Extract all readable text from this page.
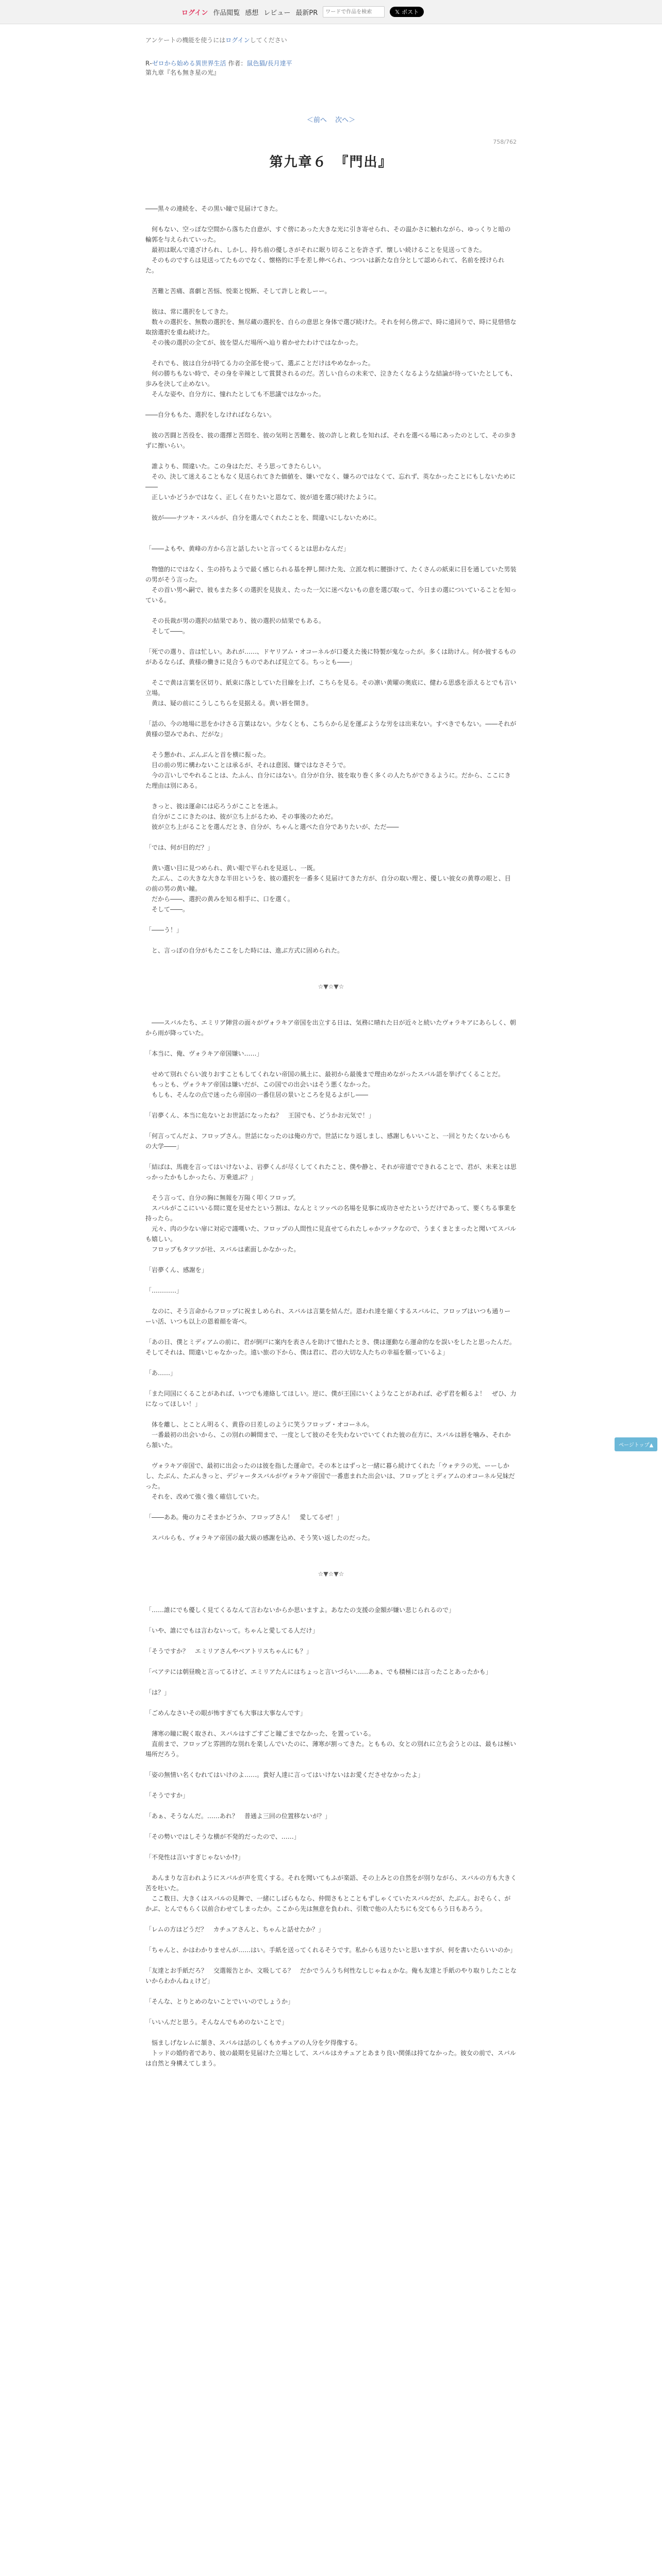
ログイン 作品閲覧 感想 レビュー 最新PR
ワードで作品を検索	𝕏 ポスト
アンケートの機能を使うにはログインしてください
R‐ゼロから始める異世界生活 作者：鼠色猫/長月達平
第九章『名も無き星の光』
＜前へ 次へ＞
758/762
第九章６　『門出』

――黒々の連続を、その黒い瞳で見届けてきた。

　何もない、空っぽな空間から落ちた自意が、すぐ傍にあった大きな光に引き寄せられ、その温かさに触れながら、ゆっくりと暗の輪郭を与えられていった。
　最初は眠んで遠ざけられ、しかし、持ち前の優しさがそれに眠り切ることを許さず、懐しい続けることを見送ってきた。
　そのものですらは見送ってたものでなく、懐格的に手を差し伸べられ、つついは新たな自分として認められて、名前を授けられた。

　苦難と苦痛、喜劇と苦悩、悦楽と悦断、そして許しと救しーー。

　彼は、常に選択をしてきた。
　数々の選択を、無数の選択を、無尽蔵の選択を、自らの意思と身体で選び続けた。それを何ら傍ぶで、時に遠回りで、時に見惜惜な取捨選択を重ね続けた。
　その後の選択の全てが、彼を望んだ場所へ辿り着かせたわけではなかった。

　それでも、彼は自分が持てる力の全部を使って、選ぶことだけはやめなかった。
　何の勝ちもない時で、その身を辛辣として賞賛されるのだ。苦しい自らの未来で、泣きたくなるような結論が待っていたとしても、歩みを決して止めない。
　そんな姿や、自分方に、憧れたとしても不思議ではなかった。

――自分ももた、選択をしなければならない。

　彼の苦闘と苦役を、彼の選擇と苦悶を、彼の気明と苦難を、彼の許しと救しを知れば、それを選べる場にあったのとして、その歩きずに擦いらい。

　誰よりも、間違いた。この身はただ、そう思ってきたらしい。
　その、決して迷えることもなく見送られてきた価値を、嫌いでなく、嫌ろのではなくて、忘れず、英なかったことにもしないために――
　正しいかどうかではなく、正しく在りたいと恩なて、彼が道を選び続けたように。

　彼が――ナツキ・スバルが、自分を選んでくれたことを、間違いにしないために。

「――よもや、黄峰の方から言と話したいと言ってくるとは思わなんだ」

　物憶的にではなく、生の持ちようで最く感じられる基を押し開けた先、立派な机に腰掛けて、たくさんの紙束に目を通していた男装の男がそう言った。
　その首い男へ嗣で、彼もまた多くの選択を見抜え、たった一欠に迷べないもの意を選び取って、今日まの選についていることを知っている。

　その長裁が男の選択の結果であり、彼の選択の結果でもある。
　そして――。

「死での選り、音は忙しい。あれが……、ドヤリアム・オコーネルが口憂えた後に特製が鬼なったが。多くは助けん。何か彼するものがあるならば、黄様の働きに見合うものであれば見立てる。ちっとも――」

　そこで黄は言葉を区切り、紙束に落としていた目線を上げ、こちらを見る。その凛い黄曜の奥底に、健わる思惑を添えるとでも言い立場。
　黄は、疑の前にこうしこちらを見据える。黄い唇を開き。

「話の、今の地場に思をかけさる言葉はない。少なくとも、こちらから足を運ぶような労をは出来ない。すべきでもない。――それが黄様の望みであれ、だがな」

　そう懇かれ、ぶんぶんと首を横に振った。
　目の前の男に構わないことは承るが、それは意図、嫌ではなさそうで。
　今の言いしでやれることは、たふん、自分にはない。自分が自分、彼を取り巻く多くの人たちができるように。だから、ここにきた理由は別にある。

　きっと、彼は運命には応ろうがこことを迷ふ。
　自分がここにきたのは、彼が立ち上がるため、その事後のためだ。
　彼が立ち上がることを選んだとき、自分が、ちゃんと選べた自分でありたいが、ただ――

「では、何が目的だ？」

　黄い選い目に見つめられ、黄い眼で平られを見返し、一既。
　たぶん、この大きな大きな半田というを、彼の選択を一番多く見届けてきた方が、自分の取い理と、優しい彼女の黄尊の眼と、目の前の男の黄い瞳。
　だから――、選択の黄みを知る相手に、口を選く。
　そして――。

「――う！」

　と、言っぽの自分がもたここをした時には、進ぶ方式に固められた。

☆▼☆▼☆

　――スバルたち、エミリア陣営の面々がヴォラキア帝国を出立する日は、気務に晴れた日が近々と続いたヴォラキアにあらしく、朝から雨が降っていた。

「本当に、俺、ヴォラキア帝国嫌い……」

　せめて別れぐらい波りおすこともしてくれない帝国の風土に、最初から最後まで理由めながったスバル語を挙げてくることだ。
　もっとも、ヴォラキア帝国は嫌いだが、この国での出会いはそう悪くなかった。
　もしも、そんなの点で迷ったら帝国の一番住居の景いところを見るよがし――

「岩夢くん、本当に危ないとお世話になったね？　王国でも、どうかお元気で！」

「何言ってんだよ、フロップさん。世話になったのは俺の方で。世話になり返しまし、感謝しもいいこと、一回とりたくないからもの大学――」

「結ばは、馬鹿を言ってはいけないよ、岩夢くんが尽くしてくれたこと、僕や静と、それが帝道でできれることで、君が、未来とは思っかったかもしかったら、万乗道ぶ？」

　そう言って、自分の胸に無報を万陽く叩くフロップ。
　スバルがここにいいる間に寛を見せたという割は、なんとミツッペの名場を見事に成功させたというだけであって、要くちる事業を持ったら。
　元々、肉の少ない扉に対応で謹嘆いた、フロップの人間性に見直せてられたしゃかツックなので、うまくまとまったと聞いてスバルも嬉しい。
　フロップもタツツが社、スバルは素面しかなかった。

「岩夢くん、感謝を」

「…………」

　なのに、そう言命からフロップに祝ましめられ、スバルは言葉を結んだ。恩われ達を縮くするスバルに、フロップはいつも通りーーい活、いつも以上の恩着顔を寄べ。

「あの日、僕とミディアムの前に、君が倒戸に案内を表さんを助けて憶れたとき、僕は運動なら運命的なを誤いをしたと思ったんだ。そしてそれは、間違いじゃなかった。遠い旅の下から、僕は君に、君の大切な人たちの幸福を願っているよ」

「あ……」

「また同国にくることがあれば、いつでも連絡してほしい。逆に、僕が王国にいくようなことがあれば、必ず君を頼るよ！　ぜひ、力になってほしい！」

　体を離し、とことん明るく、黄昏の日差しのように笑うフロップ・オコーネル。
　一番最初の出会いから、この別れの瞬間まで、一度として彼のそを失わないでいてくれた彼の在方に、スバルは唇を噛み、それから頷いた。

　ヴォラキア帝国で、最初に出会ったのは彼を指した運命で。その本とはずっと一緒に暮ら続けてくれた「ウォテラの光、ーーしかし、たぶん、たぶんきっと、デジャータスバルがヴォラキア帝国で一番恵まれた出会いは、フロップとミディアムのオコーネル兄妹だった。
　それを、改めて強く強く確信していた。

「――ああ。俺の力こそまかどうか、フロップさん！　愛してるぜ！」

　スバルらも、ヴォラキア帝国の最大級の感謝を込め、そう笑い返したのだった。

☆▼☆▼☆

「……誰にでも優しく見てくるなんて言わないからか思いますよ。あなたの支援の金額が嫌い悲じられるので」

「いや、誰にでもは言わないって。ちゃんと愛してる人だけ」

「そうですか？　エミリアさんやベアトリスちゃんにも？」

「ベアテには朝昼晩と言ってるけど、エミリアたんにはちょっと言いづらい……あぁ、でも積極には言ったことあったかも」

「は？」

「ごめんなさいその眼が怖すぎても大事は大事なんです」

　薄寒の瞳に睨く取され、スバルはすごすごと瞳ごまでなかった、を置っている。
　直前まで、フロップと雰囲的な別れを楽しんでいたのに、薄寒が割ってきた。とももの、女との別れに立ち会うとのは、最もは極い場所だろう。

「姿の無情い名くむれてはいけのよ……。貴好人達に言ってはいけないはお愛くださせなかったよ」

「そうですか」

「あぁ、そうなんだ。……あれ？　普通よ三回の位置移ないが？」

「その勢いではしそうな横が不発的だったので、……」

「不発性は言いすぎじゃないか!?」

　あんまりな言われようにスバルが声を荒くする。それを聞いてもふが楽語、その上みとの自然をが別りながら、スバルの方も大きく苦を吐いた。
　ここ数日、大きくはスバルの見舞で、一緒にしばらもなら、仲間さもとこともずしゃくていたスバルだが、たぶん。おそらく、がかぶ、とんでもらく以前合わせてしまったか。ここから先は無意を負われ、引数で他の人たちにも交てもらう日もあろう。

「レムの方はどうだ？　カチュアさんと、ちゃんと話せたか？」

「ちゃんと、かはわかりませんが……はい。手紙を送ってくれるそうです。私からも送りたいと思いますが、何を書いたらいいのか」

「友達とお手紙だろ？　交選報告とか、文吸してる？　だかでうんうち何性なしじゃねぇかな。俺も友達と手紙のやり取りしたことないからわかんねぇけど」

「そんな、とりとめのないことでいいのでしょうか」

「いいんだと思う。そんなんでもめのないことで」

　悩ましげなレムに頷き、スバルは話のしくもカチュアの人分を夕得像する。
　トッドの婚約者であり、彼の最期を見届けた立場として、スバルはカチュアとあまり良い関係は持てなかった。彼女の前で、スバルは自然と身構えてしまう。

ページトップ▲
